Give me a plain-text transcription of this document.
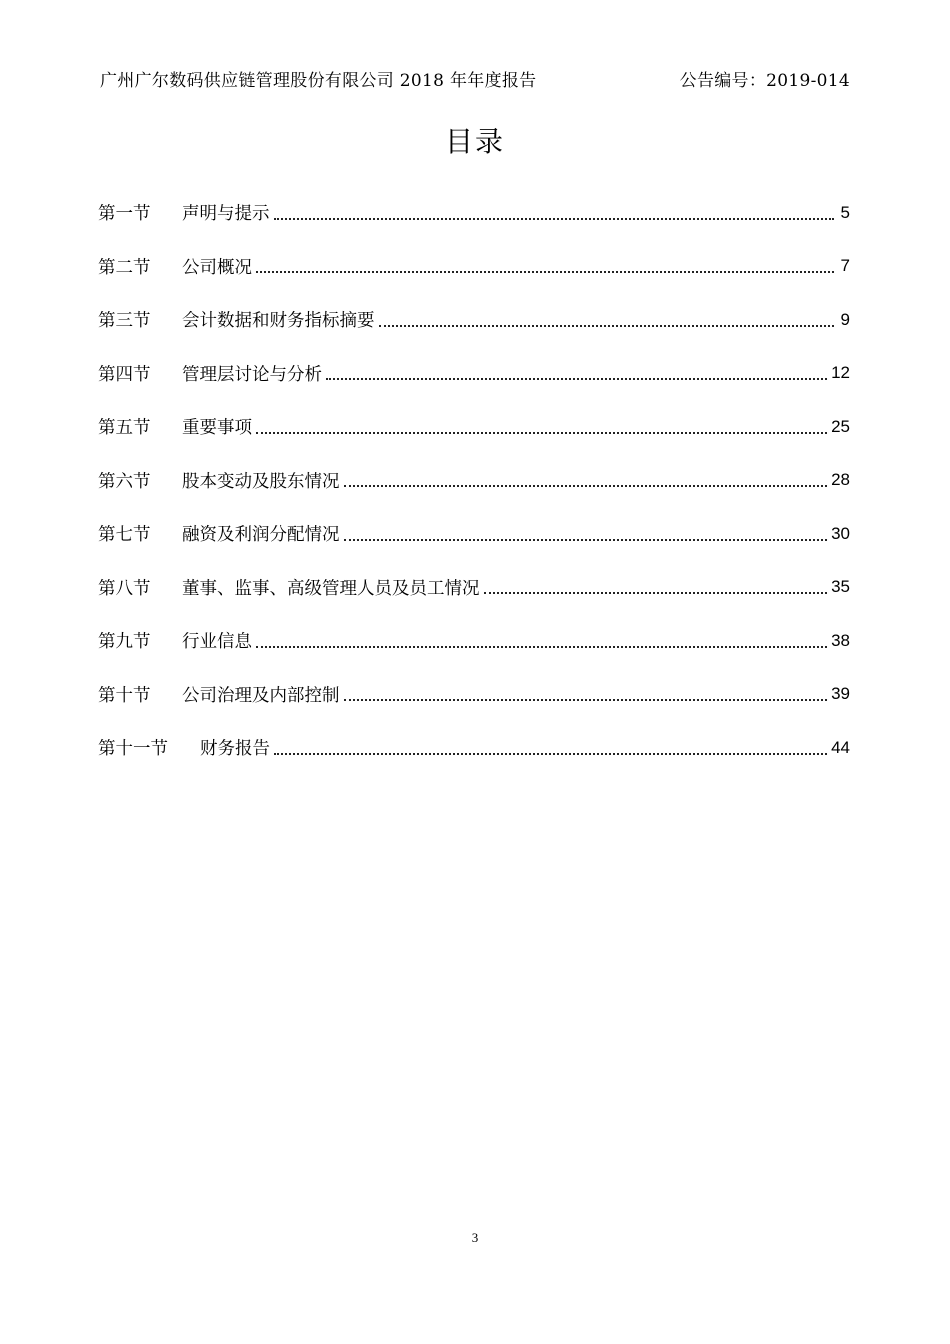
广州广尔数码供应链管理股份有限公司 2018 年年度报告	公告编号：2019-014
目录
第一节	声明与提示	5
第二节	公司概况	7
第三节	会计数据和财务指标摘要	9
第四节	管理层讨论与分析	12
第五节	重要事项	25
第六节	股本变动及股东情况	28
第七节	融资及利润分配情况	30
第八节	董事、监事、高级管理人员及员工情况	35
第九节	行业信息	38
第十节	公司治理及内部控制	39
第十一节	财务报告	44
3
